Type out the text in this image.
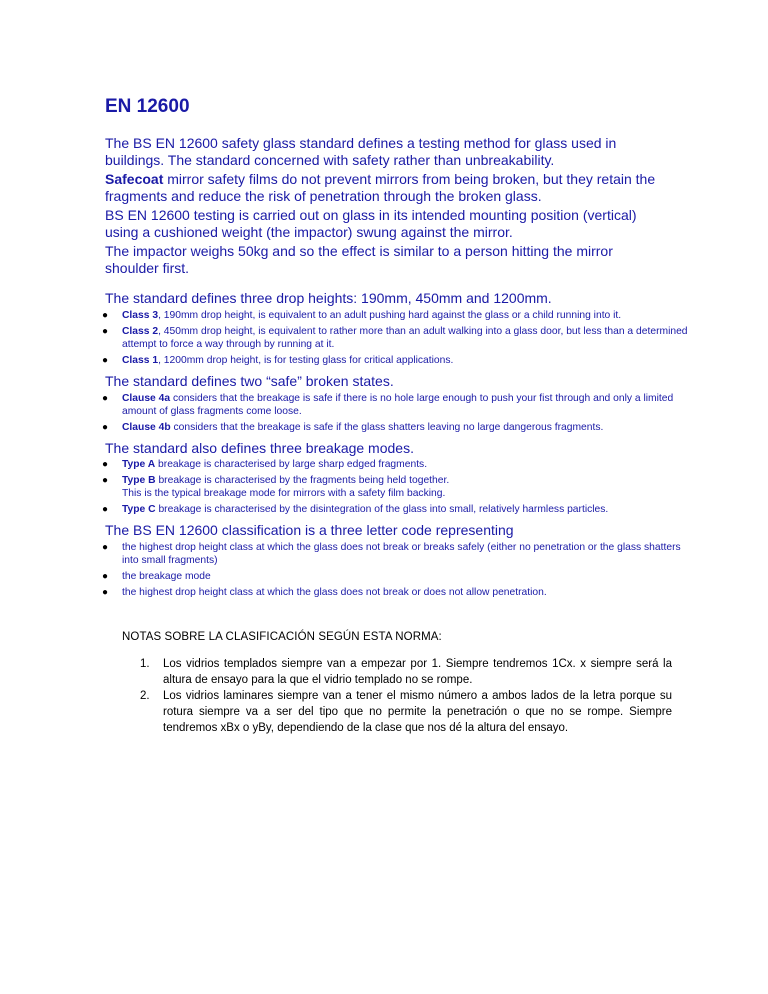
EN 12600

The BS EN 12600 safety glass standard defines a testing method for glass used in buildings. The standard concerned with safety rather than unbreakability.

Safecoat mirror safety films do not prevent mirrors from being broken, but they retain the fragments and reduce the risk of penetration through the broken glass.

BS EN 12600 testing is carried out on glass in its intended mounting position (vertical) using a cushioned weight (the impactor) swung against the mirror.

The impactor weighs 50kg and so the effect is similar to a person hitting the mirror shoulder first.

The standard defines three drop heights: 190mm, 450mm and 1200mm.
● Class 3, 190mm drop height, is equivalent to an adult pushing hard against the glass or a child running into it.
● Class 2, 450mm drop height, is equivalent to rather more than an adult walking into a glass door, but less than a determined attempt to force a way through by running at it.
● Class 1, 1200mm drop height, is for testing glass for critical applications.
The standard defines two “safe” broken states.
● Clause 4a considers that the breakage is safe if there is no hole large enough to push your fist through and only a limited amount of glass fragments come loose.
● Clause 4b considers that the breakage is safe if the glass shatters leaving no large dangerous fragments.
The standard also defines three breakage modes.
● Type A breakage is characterised by large sharp edged fragments.
● Type B breakage is characterised by the fragments being held together.
This is the typical breakage mode for mirrors with a safety film backing.
● Type C breakage is characterised by the disintegration of the glass into small, relatively harmless particles.
The BS EN 12600 classification is a three letter code representing
● the highest drop height class at which the glass does not break or breaks safely (either no penetration or the glass shatters into small fragments)
● the breakage mode
● the highest drop height class at which the glass does not break or does not allow penetration.
NOTAS SOBRE LA CLASIFICACIÓN SEGÚN ESTA NORMA:
1. Los vidrios templados siempre van a empezar por 1. Siempre tendremos 1Cx. x siempre será la altura de ensayo para la que el vidrio templado no se rompe.
2. Los vidrios laminares siempre van a tener el mismo número a ambos lados de la letra porque su rotura siempre va a ser del tipo que no permite la penetración o que no se rompe. Siempre tendremos xBx o yBy, dependiendo de la clase que nos dé la altura del ensayo.
